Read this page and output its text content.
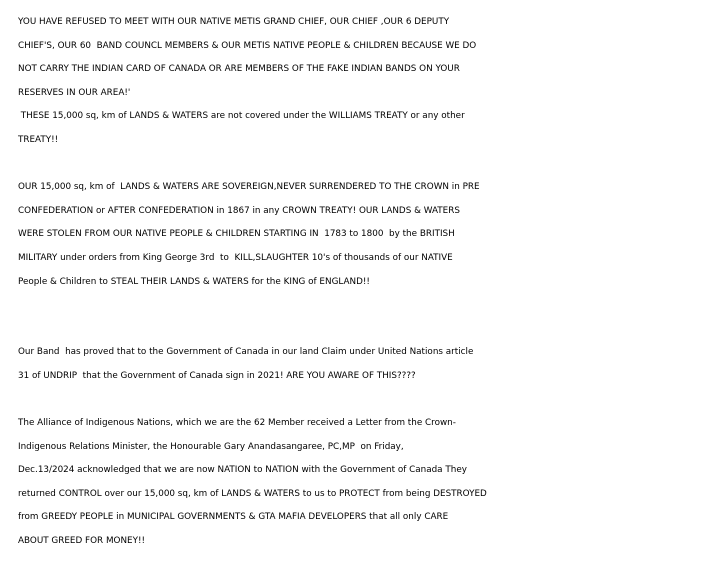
YOU HAVE REFUSED TO MEET WITH OUR NATIVE METIS GRAND CHIEF, OUR CHIEF ,OUR 6 DEPUTY
CHIEF'S, OUR 60  BAND COUNCL MEMBERS & OUR METIS NATIVE PEOPLE & CHILDREN BECAUSE WE DO
NOT CARRY THE INDIAN CARD OF CANADA OR ARE MEMBERS OF THE FAKE INDIAN BANDS ON YOUR
RESERVES IN OUR AREA!'
THESE 15,000 sq, km of LANDS & WATERS are not covered under the WILLIAMS TREATY or any other
TREATY!!
OUR 15,000 sq, km of  LANDS & WATERS ARE SOVEREIGN,NEVER SURRENDERED TO THE CROWN in PRE
CONFEDERATION or AFTER CONFEDERATION in 1867 in any CROWN TREATY! OUR LANDS & WATERS
WERE STOLEN FROM OUR NATIVE PEOPLE & CHILDREN STARTING IN  1783 to 1800  by the BRITISH
MILITARY under orders from King George 3rd  to  KILL,SLAUGHTER 10's of thousands of our NATIVE
People & Children to STEAL THEIR LANDS & WATERS for the KING of ENGLAND!!
Our Band  has proved that to the Government of Canada in our land Claim under United Nations article
31 of UNDRIP  that the Government of Canada sign in 2021! ARE YOU AWARE OF THIS????
The Alliance of Indigenous Nations, which we are the 62 Member received a Letter from the Crown-
Indigenous Relations Minister, the Honourable Gary Anandasangaree, PC,MP  on Friday,
Dec.13/2024 acknowledged that we are now NATION to NATION with the Government of Canada They
returned CONTROL over our 15,000 sq, km of LANDS & WATERS to us to PROTECT from being DESTROYED
from GREEDY PEOPLE in MUNICIPAL GOVERNMENTS & GTA MAFIA DEVELOPERS that all only CARE
ABOUT GREED FOR MONEY!!
